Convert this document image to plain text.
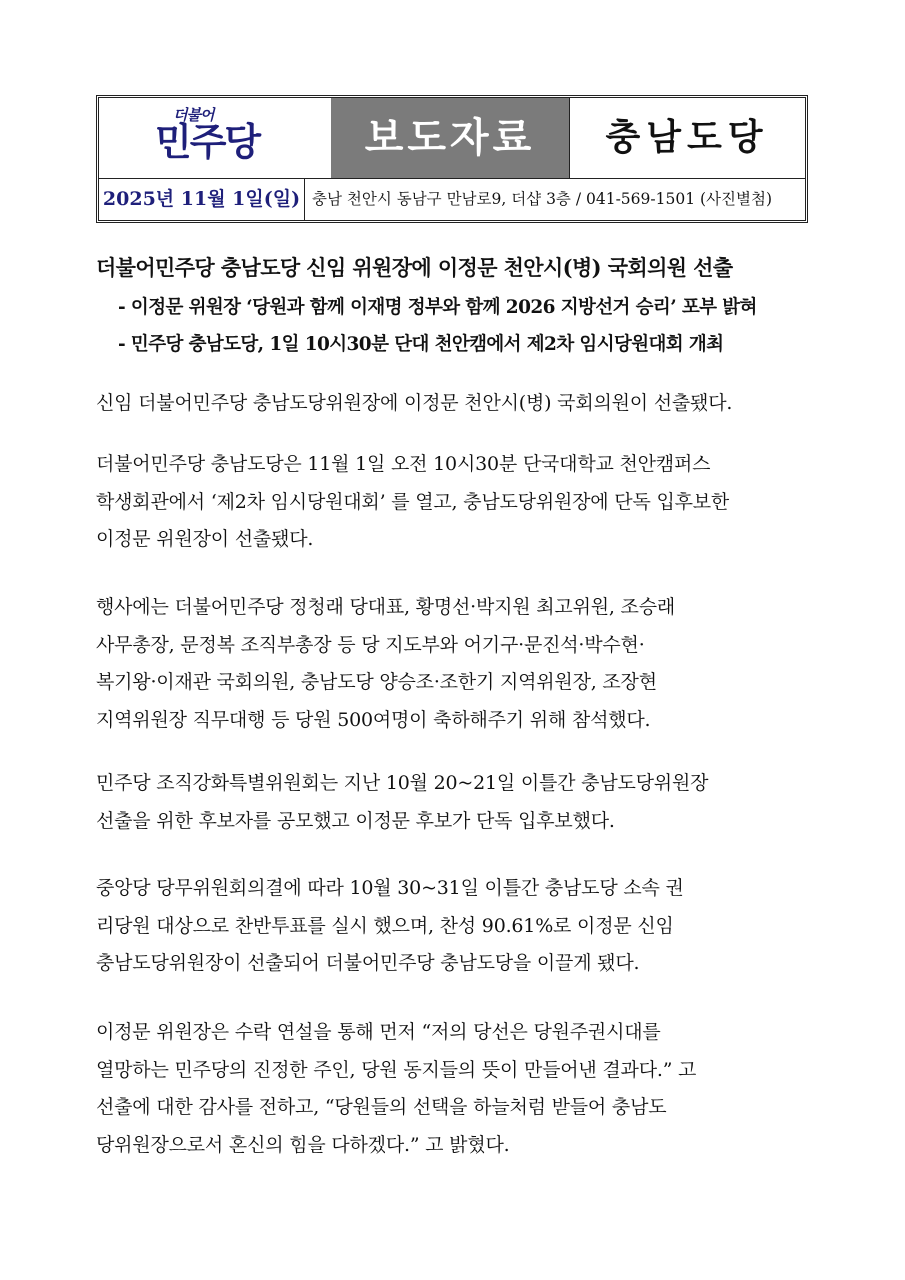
더불어
민주당	보도자료	충남도당
2025년 11월 1일(일) 충남 천안시 동남구 만남로9, 더샵 3층 / 041-569-1501 (사진별첨)
더불어민주당 충남도당 신임 위원장에 이정문 천안시(병) 국회의원 선출
- 이정문 위원장 ‘당원과 함께 이재명 정부와 함께 2026 지방선거 승리’ 포부 밝혀
- 민주당 충남도당, 1일 10시30분 단대 천안캠에서 제2차 임시당원대회 개최
신임 더불어민주당 충남도당위원장에 이정문 천안시(병) 국회의원이 선출됐다.
더불어민주당 충남도당은 11월 1일 오전 10시30분 단국대학교 천안캠퍼스
학생회관에서 ‘제2차 임시당원대회’ 를 열고, 충남도당위원장에 단독 입후보한
이정문 위원장이 선출됐다.
행사에는 더불어민주당 정청래 당대표, 황명선·박지원 최고위원, 조승래
사무총장, 문정복 조직부총장 등 당 지도부와 어기구·문진석·박수현·
복기왕·이재관 국회의원, 충남도당 양승조·조한기 지역위원장, 조장현
지역위원장 직무대행 등 당원 500여명이 축하해주기 위해 참석했다.
민주당 조직강화특별위원회는 지난 10월 20~21일 이틀간 충남도당위원장
선출을 위한 후보자를 공모했고 이정문 후보가 단독 입후보했다.
중앙당 당무위원회의결에 따라 10월 30~31일 이틀간 충남도당 소속 권
리당원 대상으로 찬반투표를 실시 했으며, 찬성 90.61%로 이정문 신임
충남도당위원장이 선출되어 더불어민주당 충남도당을 이끌게 됐다.
이정문 위원장은 수락 연설을 통해 먼저 “저의 당선은 당원주권시대를
열망하는 민주당의 진정한 주인, 당원 동지들의 뜻이 만들어낸 결과다.” 고
선출에 대한 감사를 전하고, “당원들의 선택을 하늘처럼 받들어 충남도
당위원장으로서 혼신의 힘을 다하겠다.” 고 밝혔다.
